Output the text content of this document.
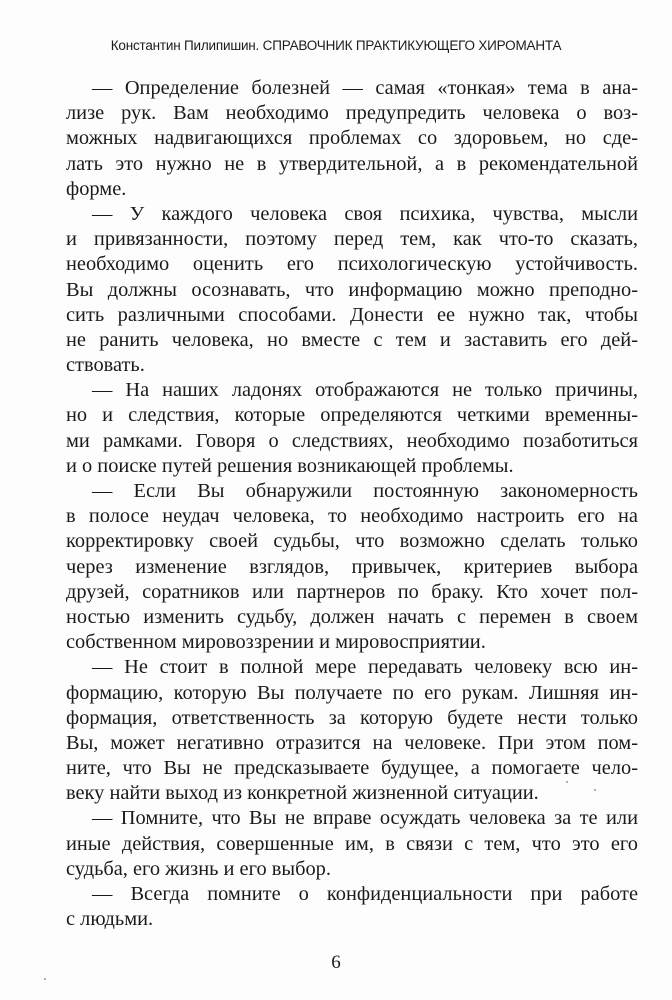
Константин Пилипишин. СПРАВОЧНИК ПРАКТИКУЮЩЕГО ХИРОМАНТА
— Определение болезней — самая «тонкая» тема в ана-
лизе рук. Вам необходимо предупредить человека о воз-
можных надвигающихся проблемах со здоровьем, но сде-
лать это нужно не в утвердительной, а в рекомендательной
форме.
— У каждого человека своя психика, чувства, мысли
и привязанности, поэтому перед тем, как что-то сказать,
необходимо оценить его психологическую устойчивость.
Вы должны осознавать, что информацию можно преподно-
сить различными способами. Донести ее нужно так, чтобы
не ранить человека, но вместе с тем и заставить его дей-
ствовать.
— На наших ладонях отображаются не только причины,
но и следствия, которые определяются четкими временны-
ми рамками. Говоря о следствиях, необходимо позаботиться
и о поиске путей решения возникающей проблемы.
— Если Вы обнаружили постоянную закономерность
в полосе неудач человека, то необходимо настроить его на
корректировку своей судьбы, что возможно сделать только
через изменение взглядов, привычек, критериев выбора
друзей, соратников или партнеров по браку. Кто хочет пол-
ностью изменить судьбу, должен начать с перемен в своем
собственном мировоззрении и мировосприятии.
— Не стоит в полной мере передавать человеку всю ин-
формацию, которую Вы получаете по его рукам. Лишняя ин-
формация, ответственность за которую будете нести только
Вы, может негативно отразится на человеке. При этом пом-
ните, что Вы не предсказываете будущее, а помогаете чело-
веку найти выход из конкретной жизненной ситуации.
— Помните, что Вы не вправе осуждать человека за те или
иные действия, совершенные им, в связи с тем, что это его
судьба, его жизнь и его выбор.
— Всегда помните о конфиденциальности при работе
с людьми.
6
